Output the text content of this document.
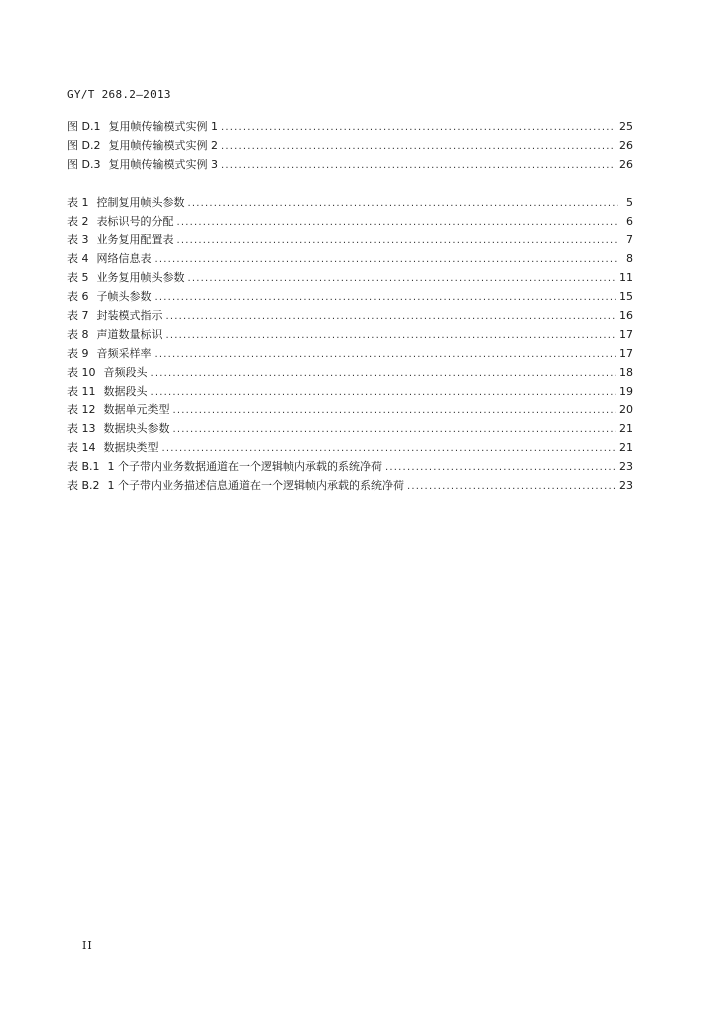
GY/T 268.2—2013
图 D.1 复用帧传输模式实例 1 .....	25
图 D.2 复用帧传输模式实例 2 .....	26
图 D.3 复用帧传输模式实例 3 .....	26
表 1 控制复用帧头参数 .....	5
表 2 表标识号的分配 .....	6
表 3 业务复用配置表 .....	7
表 4 网络信息表 .....	8
表 5 业务复用帧头参数 .....	11
表 6 子帧头参数 .....	15
表 7 封装模式指示 .....	16
表 8 声道数量标识 .....	17
表 9 音频采样率 .....	17
表 10 音频段头 .....	18
表 11 数据段头 .....	19
表 12 数据单元类型 .....	20
表 13 数据块头参数 .....	21
表 14 数据块类型 .....	21
表 B.1 1 个子带内业务数据通道在一个逻辑帧内承载的系统净荷 .....	23
表 B.2 1 个子带内业务描述信息通道在一个逻辑帧内承载的系统净荷 .....	23
II
